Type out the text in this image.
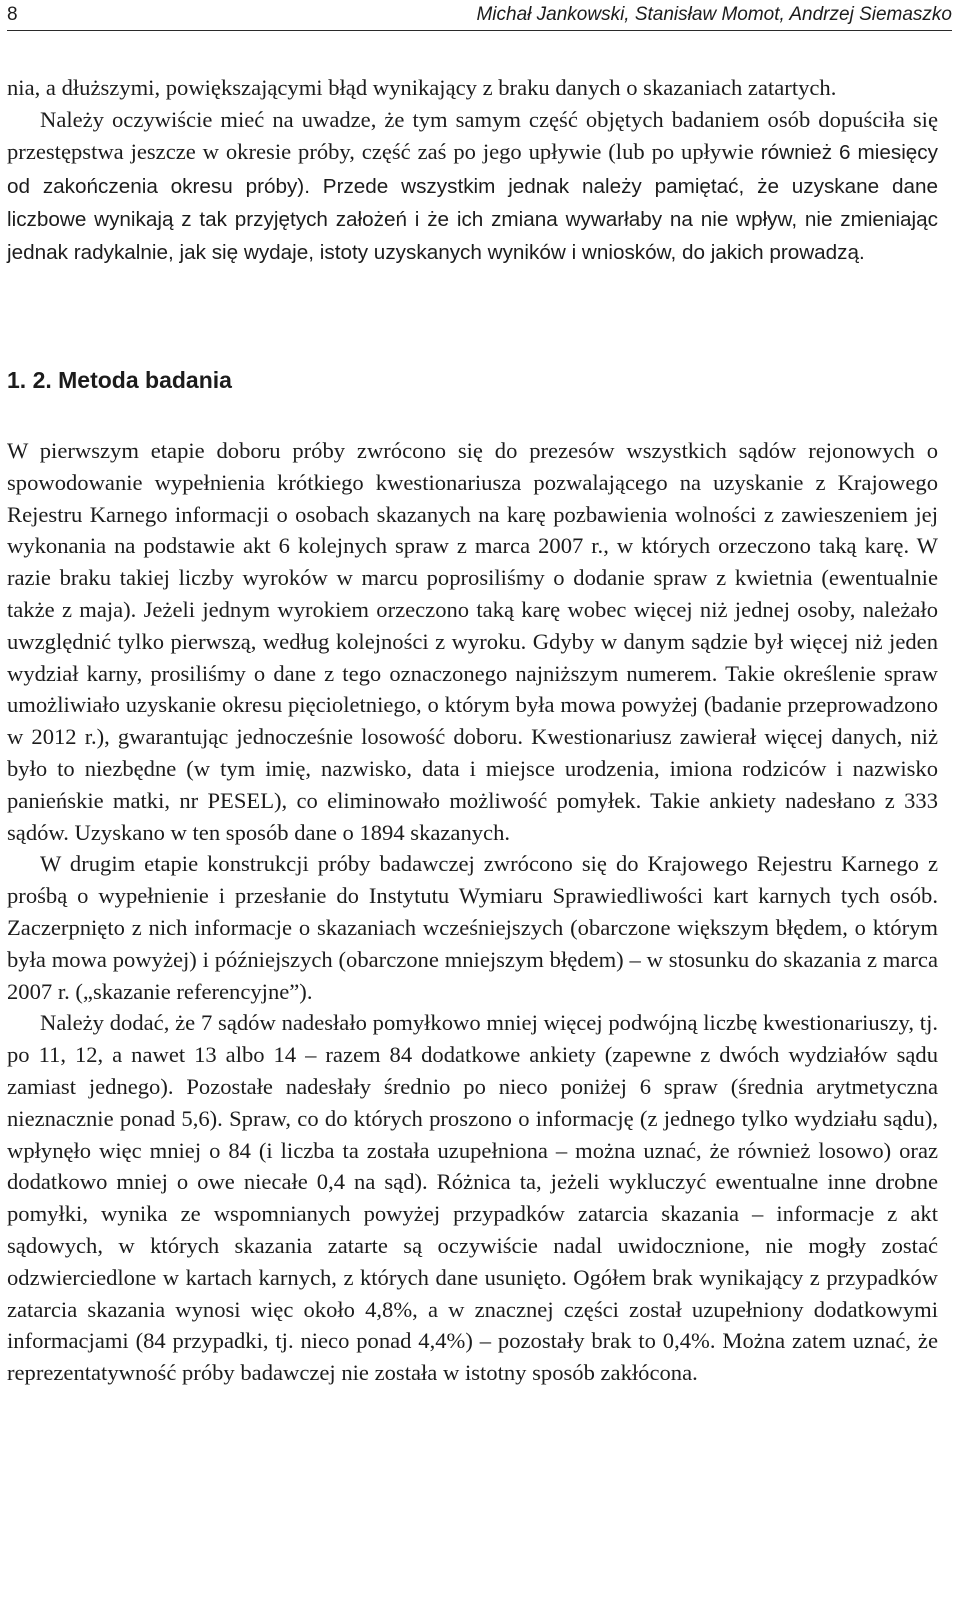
8	Michał Jankowski, Stanisław Momot, Andrzej Siemaszko

nia, a dłuższymi, powiększającymi błąd wynikający z braku danych o skazaniach zatartych.

Należy oczywiście mieć na uwadze, że tym samym część objętych badaniem osób dopuściła się przestępstwa jeszcze w okresie próby, część zaś po jego upływie (lub po upływie również 6 miesięcy od zakończenia okresu próby). Przede wszystkim jednak należy pamiętać, że uzyskane dane liczbowe wynikają z tak przyjętych założeń i że ich zmiana wywarłaby na nie wpływ, nie zmieniając jednak radykalnie, jak się wydaje, istoty uzyskanych wyników i wniosków, do jakich prowadzą.

1. 2. Metoda badania

W pierwszym etapie doboru próby zwrócono się do prezesów wszystkich sądów rejonowych o spowodowanie wypełnienia krótkiego kwestionariusza pozwalającego na uzyskanie z Krajowego Rejestru Karnego informacji o osobach skazanych na karę pozbawienia wolności z zawieszeniem jej wykonania na podstawie akt 6 kolejnych spraw z marca 2007 r., w których orzeczono taką karę. W razie braku takiej liczby wyroków w marcu poprosiliśmy o dodanie spraw z kwietnia (ewentualnie także z maja). Jeżeli jednym wyrokiem orzeczono taką karę wobec więcej niż jednej osoby, należało uwzględnić tylko pierwszą, według kolejności z wyroku. Gdyby w danym sądzie był więcej niż jeden wydział karny, prosiliśmy o dane z tego oznaczonego najniższym numerem. Takie określenie spraw umożliwiało uzyskanie okresu pięcioletniego, o którym była mowa powyżej (badanie przeprowadzono w 2012 r.), gwarantując jednocześnie losowość doboru. Kwestionariusz zawierał więcej danych, niż było to niezbędne (w tym imię, nazwisko, data i miejsce urodzenia, imiona rodziców i nazwisko panieńskie matki, nr PESEL), co eliminowało możliwość pomyłek. Takie ankiety nadesłano z 333 sądów. Uzyskano w ten sposób dane o 1894 skazanych.

W drugim etapie konstrukcji próby badawczej zwrócono się do Krajowego Rejestru Karnego z prośbą o wypełnienie i przesłanie do Instytutu Wymiaru Sprawiedliwości kart karnych tych osób. Zaczerpnięto z nich informacje o skazaniach wcześniejszych (obarczone większym błędem, o którym była mowa powyżej) i późniejszych (obarczone mniejszym błędem) – w stosunku do skazania z marca 2007 r. („skazanie referencyjne”).

Należy dodać, że 7 sądów nadesłało pomyłkowo mniej więcej podwójną liczbę kwestionariuszy, tj. po 11, 12, a nawet 13 albo 14 – razem 84 dodatkowe ankiety (zapewne z dwóch wydziałów sądu zamiast jednego). Pozostałe nadesłały średnio po nieco poniżej 6 spraw (średnia arytmetyczna nieznacznie ponad 5,6). Spraw, co do których proszono o informację (z jednego tylko wydziału sądu), wpłynęło więc mniej o 84 (i liczba ta została uzupełniona – można uznać, że również losowo) oraz dodatkowo mniej o owe niecałe 0,4 na sąd). Różnica ta, jeżeli wykluczyć ewentualne inne drobne pomyłki, wynika ze wspomnianych powyżej przypadków zatarcia skazania – informacje z akt sądowych, w których skazania zatarte są oczywiście nadal uwidocznione, nie mogły zostać odzwierciedlone w kartach karnych, z których dane usunięto. Ogółem brak wynikający z przypadków zatarcia skazania wynosi więc około 4,8%, a w znacznej części został uzupełniony dodatkowymi informacjami (84 przypadki, tj. nieco ponad 4,4%) – pozostały brak to 0,4%. Można zatem uznać, że reprezentatywność próby badawczej nie została w istotny sposób zakłócona.
